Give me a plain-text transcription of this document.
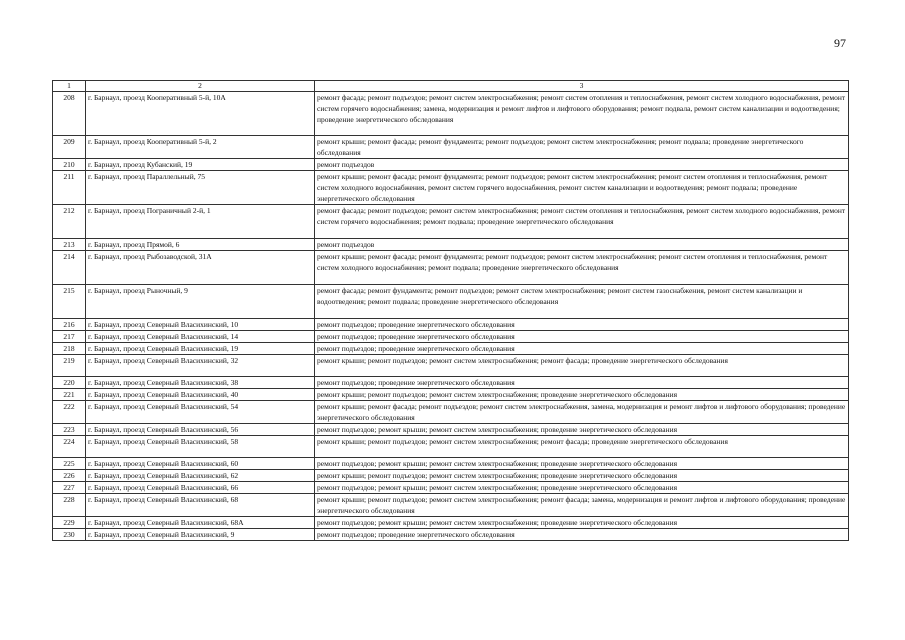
97
1	2	3
208	г. Барнаул, проезд Кооперативный 5-й, 10А	ремонт фасада; ремонт подъездов; ремонт систем электроснабжения; ремонт систем отопления и теплоснабжения, ремонт систем холодного водоснабжения, ремонт систем горячего водоснабжения; замена, модернизация и ремонт лифтов и лифтового оборудования; ремонт подвала, ремонт систем канализации и водоотведения; проведение энергетического обследования
209	г. Барнаул, проезд Кооперативный 5-й, 2	ремонт крыши; ремонт фасада; ремонт фундамента; ремонт подъездов; ремонт систем электроснабжения; ремонт подвала; проведение энергетического обследования
210	г. Барнаул, проезд Кубанский, 19	ремонт подъездов
211	г. Барнаул, проезд Параллельный, 75	ремонт крыши; ремонт фасада; ремонт фундамента; ремонт подъездов; ремонт систем электроснабжения; ремонт систем отопления и теплоснабжения, ремонт систем холодного водоснабжения, ремонт систем горячего водоснабжения, ремонт систем канализации и водоотведения; ремонт подвала; проведение энергетического обследования
212	г. Барнаул, проезд Пограничный 2-й, 1	ремонт фасада; ремонт подъездов; ремонт систем электроснабжения; ремонт систем отопления и теплоснабжения, ремонт систем холодного водоснабжения, ремонт систем горячего водоснабжения; ремонт подвала; проведение энергетического обследования
213	г. Барнаул, проезд Прямой, 6	ремонт подъездов
214	г. Барнаул, проезд Рыбозаводской, 31А	ремонт крыши; ремонт фасада; ремонт фундамента; ремонт подъездов; ремонт систем электроснабжения; ремонт систем отопления и теплоснабжения, ремонт систем холодного водоснабжения; ремонт подвала; проведение энергетического обследования
215	г. Барнаул, проезд Рыночный, 9	ремонт фасада; ремонт фундамента; ремонт подъездов; ремонт систем электроснабжения; ремонт систем газоснабжения, ремонт систем канализации и водоотведения; ремонт подвала; проведение энергетического обследования
216	г. Барнаул, проезд Северный Власихинский, 10	ремонт подъездов; проведение энергетического обследования
217	г. Барнаул, проезд Северный Власихинский, 14	ремонт подъездов; проведение энергетического обследования
218	г. Барнаул, проезд Северный Власихинский, 19	ремонт подъездов; проведение энергетического обследования
219	г. Барнаул, проезд Северный Власихинский, 32	ремонт крыши; ремонт подъездов; ремонт систем электроснабжения; ремонт фасада; проведение энергетического обследования
220	г. Барнаул, проезд Северный Власихинский, 38	ремонт подъездов; проведение энергетического обследования
221	г. Барнаул, проезд Северный Власихинский, 40	ремонт крыши; ремонт подъездов; ремонт систем электроснабжения; проведение энергетического обследования
222	г. Барнаул, проезд Северный Власихинский, 54	ремонт крыши; ремонт фасада; ремонт подъездов; ремонт систем электроснабжения, замена, модернизация и ремонт лифтов и лифтового оборудования; проведение энергетического обследования
223	г. Барнаул, проезд Северный Власихинский, 56	ремонт подъездов; ремонт крыши; ремонт систем электроснабжения; проведение энергетического обследования
224	г. Барнаул, проезд Северный Власихинский, 58	ремонт крыши; ремонт подъездов; ремонт систем электроснабжения; ремонт фасада; проведение энергетического обследования
225	г. Барнаул, проезд Северный Власихинский, 60	ремонт подъездов; ремонт крыши; ремонт систем электроснабжения; проведение энергетического обследования
226	г. Барнаул, проезд Северный Власихинский, 62	ремонт крыши; ремонт подъездов; ремонт систем электроснабжения; проведение энергетического обследования
227	г. Барнаул, проезд Северный Власихинский, 66	ремонт подъездов; ремонт крыши; ремонт систем электроснабжения; проведение энергетического обследования
228	г. Барнаул, проезд Северный Власихинский, 68	ремонт крыши; ремонт подъездов; ремонт систем электроснабжения; ремонт фасада; замена, модернизация и ремонт лифтов и лифтового оборудования; проведение энергетического обследования
229	г. Барнаул, проезд Северный Власихинский, 68А	ремонт подъездов; ремонт крыши; ремонт систем электроснабжения; проведение энергетического обследования
230	г. Барнаул, проезд Северный Власихинский, 9	ремонт подъездов; проведение энергетического обследования
